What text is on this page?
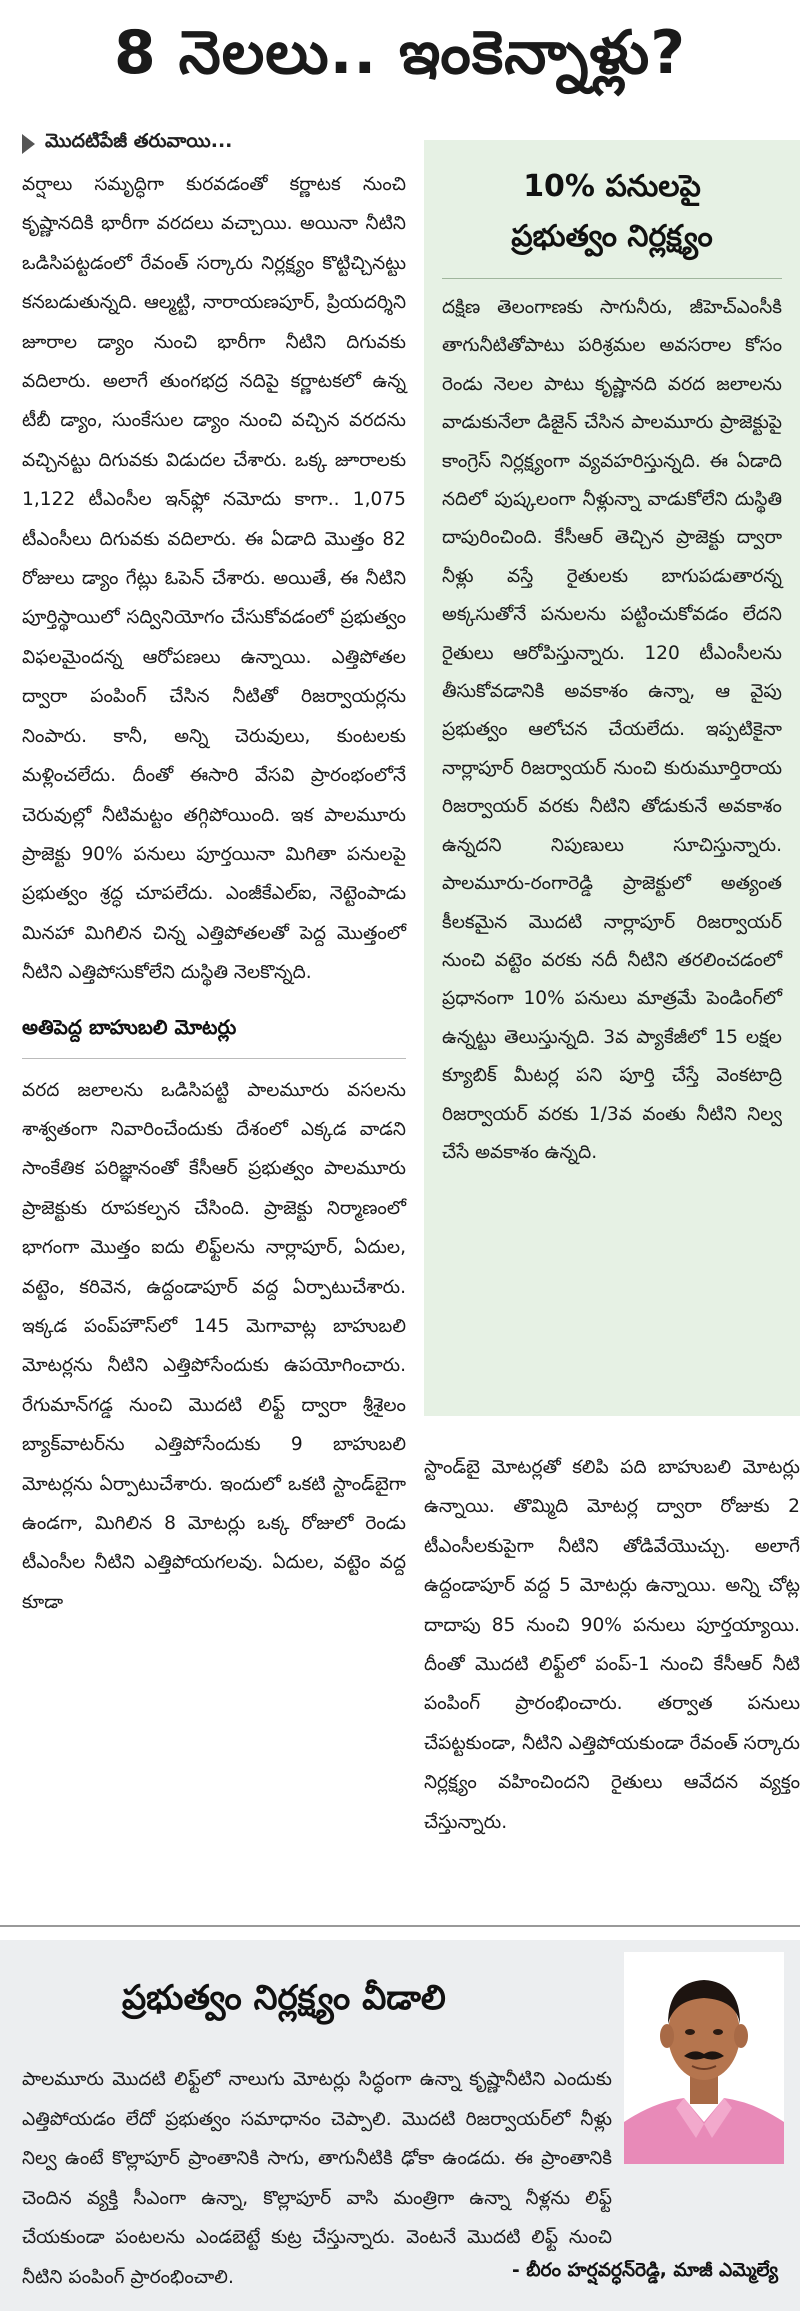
8 నెలలు.. ఇంకెన్నాళ్లు?
మొదటిపేజీ తరువాయి...

వర్షాలు సమృద్ధిగా కురవడంతో కర్ణాటక నుంచి కృష్ణానదికి భారీగా వరదలు వచ్చాయి. అయినా నీటిని ఒడిసిపట్టడంలో రేవంత్ సర్కారు నిర్లక్ష్యం కొట్టిచ్చినట్టు కనబడుతున్నది. ఆల్మట్టి, నారాయణపూర్, ప్రియదర్శిని జూరాల డ్యాం నుంచి భారీగా నీటిని దిగువకు వదిలారు. అలాగే తుంగభద్ర నదిపై కర్ణాటకలో ఉన్న టీబీ డ్యాం, సుంకేసుల డ్యాం నుంచి వచ్చిన వరదను వచ్చినట్టు దిగువకు విడుదల చేశారు. ఒక్క జూరాలకు 1,122 టీఎంసీల ఇన్‌ఫ్లో నమోదు కాగా.. 1,075 టీఎంసీలు దిగువకు వదిలారు. ఈ ఏడాది మొత్తం 82 రోజులు డ్యాం గేట్లు ఓపెన్ చేశారు. అయితే, ఈ నీటిని పూర్తిస్థాయిలో సద్వినియోగం చేసుకోవడంలో ప్రభుత్వం విఫలమైందన్న ఆరోపణలు ఉన్నాయి. ఎత్తిపోతల ద్వారా పంపింగ్ చేసిన నీటితో రిజర్వాయర్లను నింపారు. కానీ, అన్ని చెరువులు, కుంటలకు మళ్లించలేదు. దీంతో ఈసారి వేసవి ప్రారంభంలోనే చెరువుల్లో నీటిమట్టం తగ్గిపోయింది. ఇక పాలమూరు ప్రాజెక్టు 90% పనులు పూర్తయినా మిగితా పనులపై ప్రభుత్వం శ్రద్ధ చూపలేదు. ఎంజీకేఎల్ఐ, నెట్టెంపాడు మినహా మిగిలిన చిన్న ఎత్తిపోతలతో పెద్ద మొత్తంలో నీటిని ఎత్తిపోసుకోలేని దుస్థితి నెలకొన్నది.

అతిపెద్ద బాహుబలి మోటర్లు

వరద జలాలను ఒడిసిపట్టి పాలమూరు వసలను శాశ్వతంగా నివారించేందుకు దేశంలో ఎక్కడ వాడని సాంకేతిక పరిజ్ఞానంతో కేసీఆర్ ప్రభుత్వం పాలమూరు ప్రాజెక్టుకు రూపకల్పన చేసింది. ప్రాజెక్టు నిర్మాణంలో భాగంగా మొత్తం ఐదు లిఫ్ట్‌లను నార్లాపూర్, ఏదుల, వట్టెం, కరివెన, ఉద్దండాపూర్ వద్ద ఏర్పాటుచేశారు. ఇక్కడ పంప్‌హౌస్‌లో 145 మెగావాట్ల బాహుబలి మోటర్లను నీటిని ఎత్తిపోసేందుకు ఉపయోగించారు. రేగుమాన్‌గడ్డ నుంచి మొదటి లిఫ్ట్ ద్వారా శ్రీశైలం బ్యాక్‌వాటర్‌ను ఎత్తిపోసేందుకు 9 బాహుబలి మోటర్లను ఏర్పాటుచేశారు. ఇందులో ఒకటి స్టాండ్‌బైగా ఉండగా, మిగిలిన 8 మోటర్లు ఒక్క రోజులో రెండు టీఎంసీల నీటిని ఎత్తిపోయగలవు. ఏదుల, వట్టెం వద్ద కూడా

10% పనులపై
ప్రభుత్వం నిర్లక్ష్యం
దక్షిణ తెలంగాణకు సాగునీరు, జీహెచ్ఎంసీకి తాగునీటితోపాటు పరిశ్రమల అవసరాల కోసం రెండు నెలల పాటు కృష్ణానది వరద జలాలను వాడుకునేలా డిజైన్ చేసిన పాలమూరు ప్రాజెక్టుపై కాంగ్రెస్ నిర్లక్ష్యంగా వ్యవహరిస్తున్నది. ఈ ఏడాది నదిలో పుష్కలంగా నీళ్లున్నా వాడుకోలేని దుస్థితి దాపురించింది. కేసీఆర్ తెచ్చిన ప్రాజెక్టు ద్వారా నీళ్లు వస్తే రైతులకు బాగుపడుతారన్న అక్కసుతోనే పనులను పట్టించుకోవడం లేదని రైతులు ఆరోపిస్తున్నారు. 120 టీఎంసీలను తీసుకోవడానికి అవకాశం ఉన్నా, ఆ వైపు ప్రభుత్వం ఆలోచన చేయలేదు. ఇప్పటికైనా నార్లాపూర్ రిజర్వాయర్ నుంచి కురుమూర్తిరాయ రిజర్వాయర్ వరకు నీటిని తోడుకునే అవకాశం ఉన్నదని నిపుణులు సూచిస్తున్నారు. పాలమూరు-రంగారెడ్డి ప్రాజెక్టులో అత్యంత కీలకమైన మొదటి నార్లాపూర్ రిజర్వాయర్ నుంచి వట్టెం వరకు నదీ నీటిని తరలించడంలో ప్రధానంగా 10% పనులు మాత్రమే పెండింగ్‌లో ఉన్నట్టు తెలుస్తున్నది. 3వ ప్యాకేజీలో 15 లక్షల క్యూబిక్ మీటర్ల పని పూర్తి చేస్తే వెంకటాద్రి రిజర్వాయర్ వరకు 1/3వ వంతు నీటిని నిల్వ చేసే అవకాశం ఉన్నది.
స్టాండ్‌బై మోటర్లతో కలిపి పది బాహుబలి మోటర్లు ఉన్నాయి. తొమ్మిది మోటర్ల ద్వారా రోజుకు 2 టీఎంసీలకుపైగా నీటిని తోడివేయొచ్చు. అలాగే ఉద్దండాపూర్ వద్ద 5 మోటర్లు ఉన్నాయి. అన్ని చోట్ల దాదాపు 85 నుంచి 90% పనులు పూర్తయ్యాయి. దీంతో మొదటి లిఫ్ట్‌లో పంప్-1 నుంచి కేసీఆర్ నీటి పంపింగ్ ప్రారంభించారు. తర్వాత పనులు చేపట్టకుండా, నీటిని ఎత్తిపోయకుండా రేవంత్ సర్కారు నిర్లక్ష్యం వహించిందని రైతులు ఆవేదన వ్యక్తం చేస్తున్నారు.
ప్రభుత్వం నిర్లక్ష్యం వీడాలి
పాలమూరు మొదటి లిఫ్ట్‌లో నాలుగు మోటర్లు సిద్ధంగా ఉన్నా కృష్ణానీటిని ఎందుకు ఎత్తిపోయడం లేదో ప్రభుత్వం సమాధానం చెప్పాలి. మొదటి రిజర్వాయర్‌లో నీళ్లు నిల్వ ఉంటే కొల్లాపూర్ ప్రాంతానికి సాగు, తాగునీటికి ఢోకా ఉండదు. ఈ ప్రాంతానికి చెందిన వ్యక్తి సీఎంగా ఉన్నా, కొల్లాపూర్ వాసి మంత్రిగా ఉన్నా నీళ్లను లిఫ్ట్ చేయకుండా పంటలను ఎండబెట్టే కుట్ర చేస్తున్నారు. వెంటనే మొదటి లిఫ్ట్ నుంచి నీటిని పంపింగ్ ప్రారంభించాలి.	- బీరం హర్షవర్ధన్‌రెడ్డి, మాజీ ఎమ్మెల్యే
